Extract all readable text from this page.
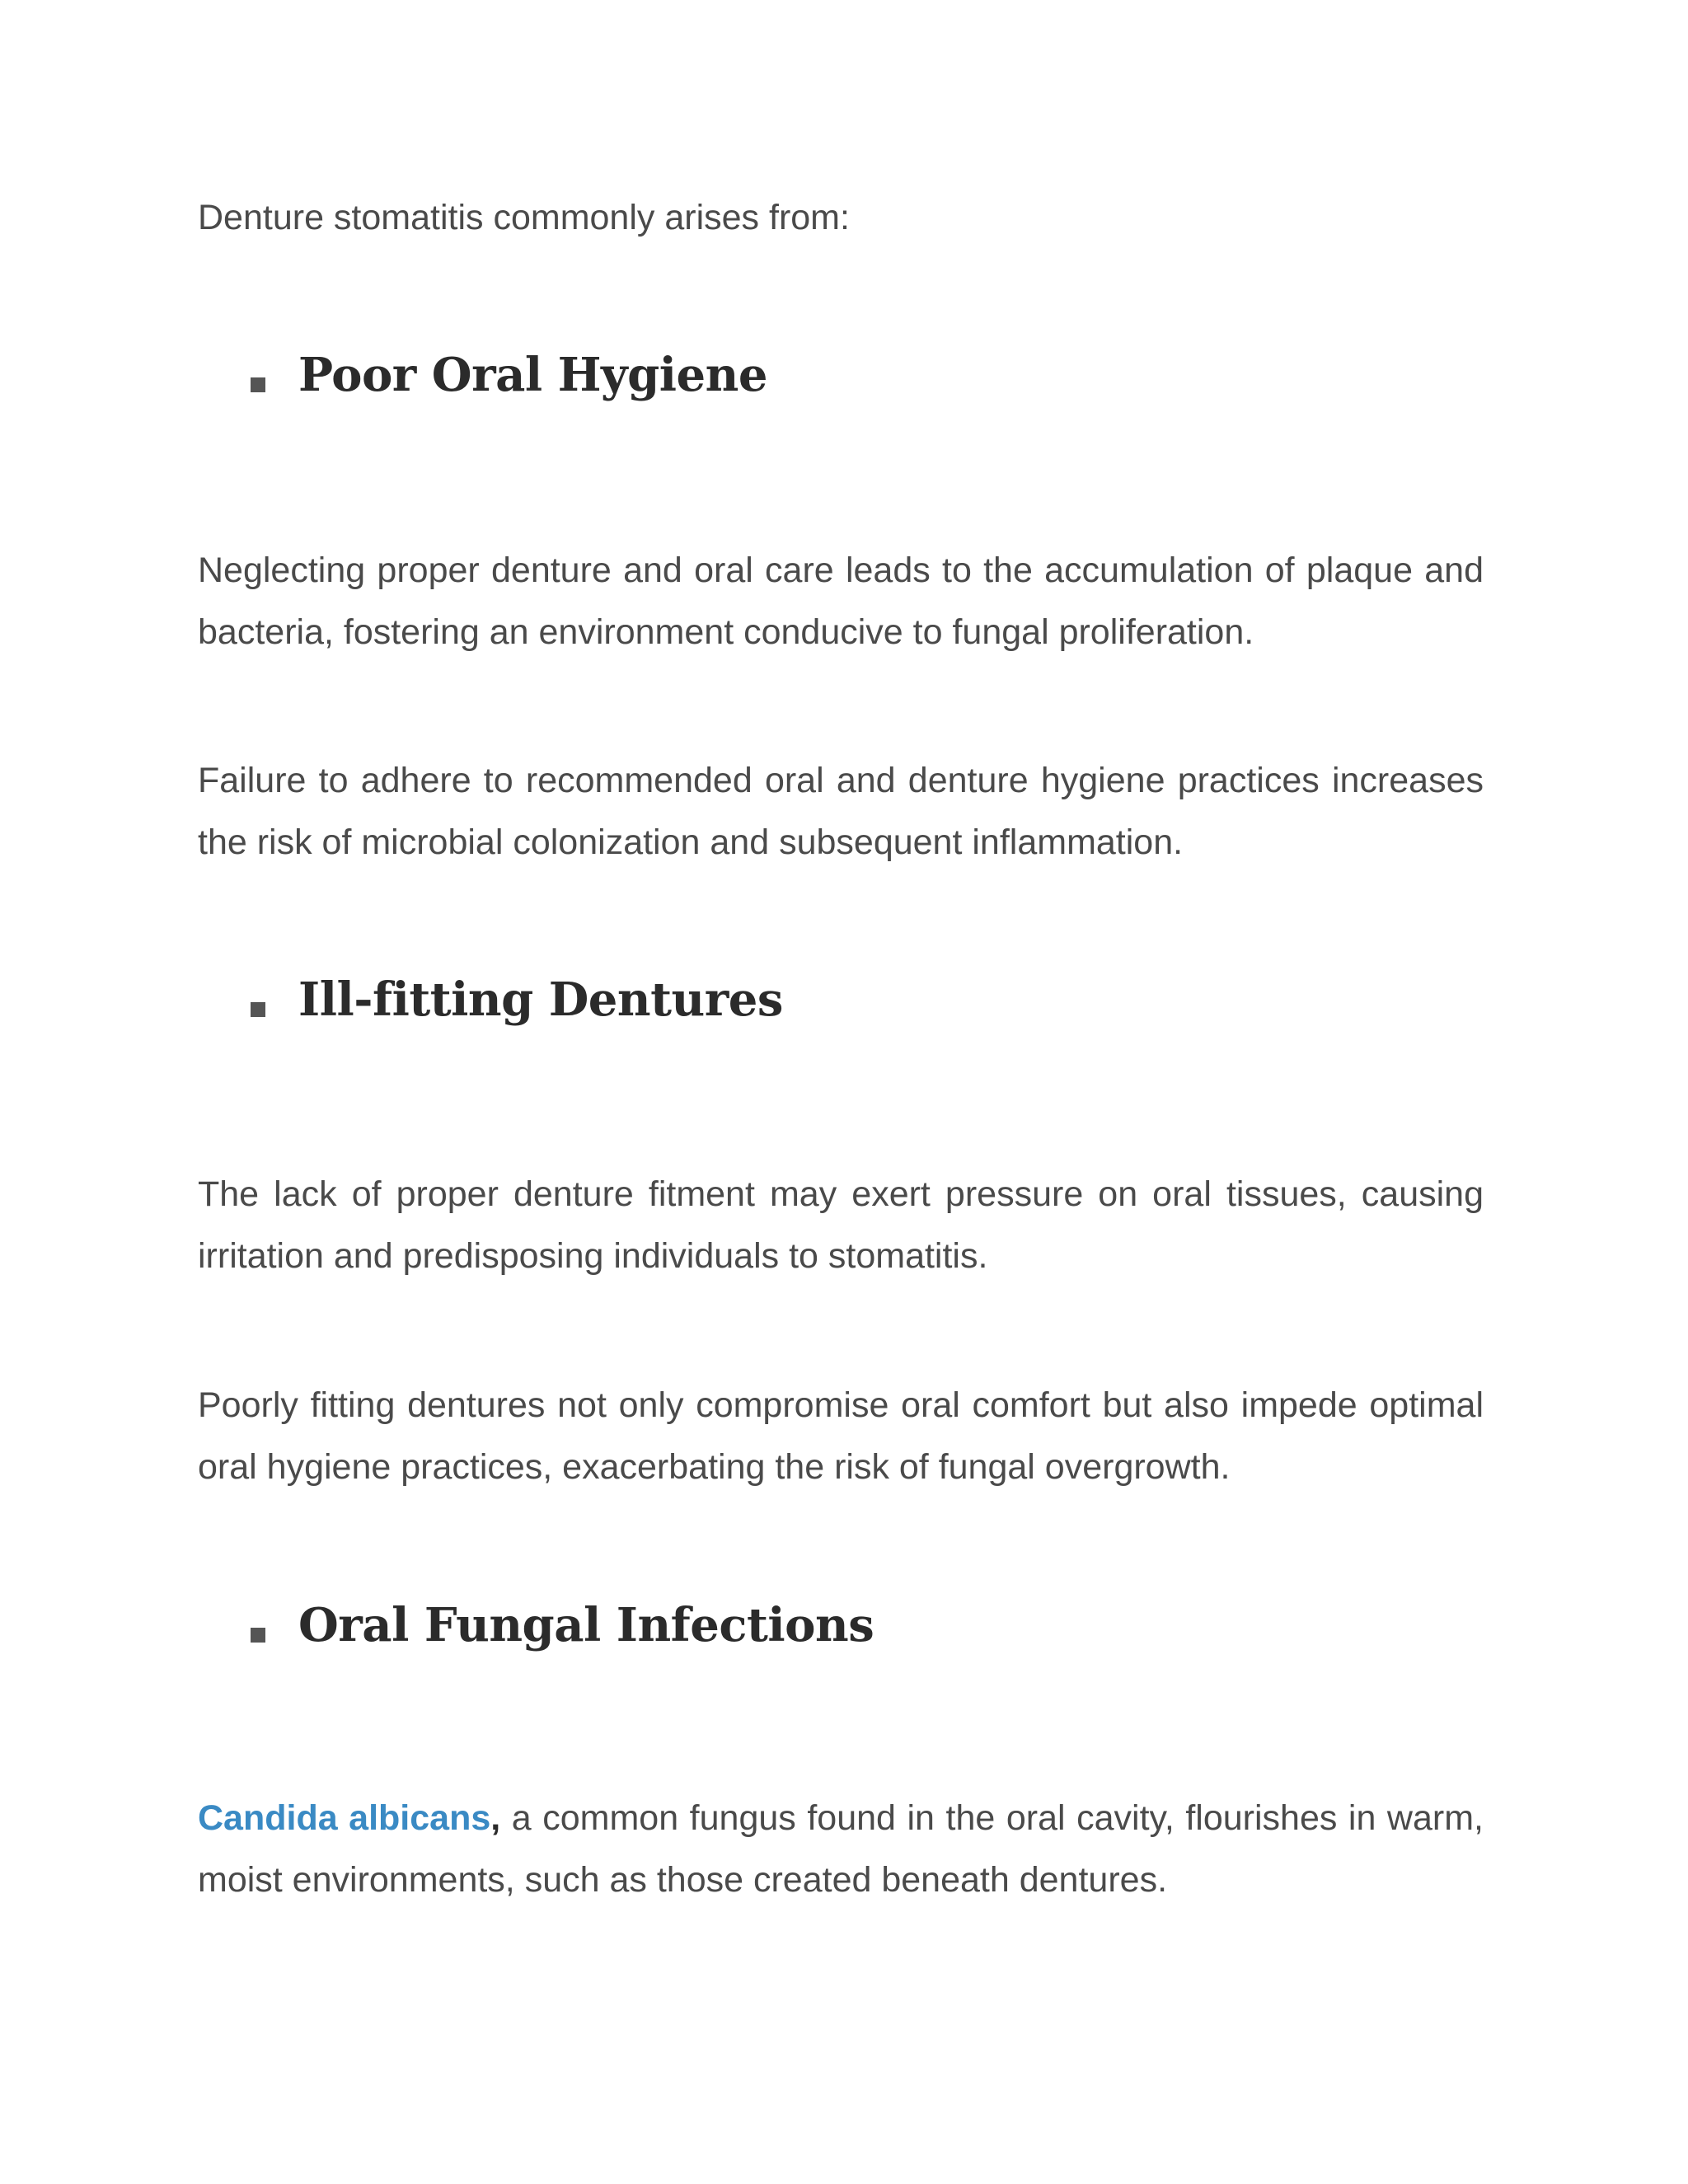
Denture stomatitis commonly arises from:

Poor Oral Hygiene

Neglecting proper denture and oral care leads to the accumulation of plaque and bacteria, fostering an environment conducive to fungal proliferation.

Failure to adhere to recommended oral and denture hygiene practices increases the risk of microbial colonization and subsequent inflammation.

Ill-fitting Dentures

The lack of proper denture fitment may exert pressure on oral tissues, causing irritation and predisposing individuals to stomatitis.

Poorly fitting dentures not only compromise oral comfort but also impede optimal oral hygiene practices, exacerbating the risk of fungal overgrowth.

Oral Fungal Infections

Candida albicans, a common fungus found in the oral cavity, flourishes in warm, moist environments, such as those created beneath dentures.
